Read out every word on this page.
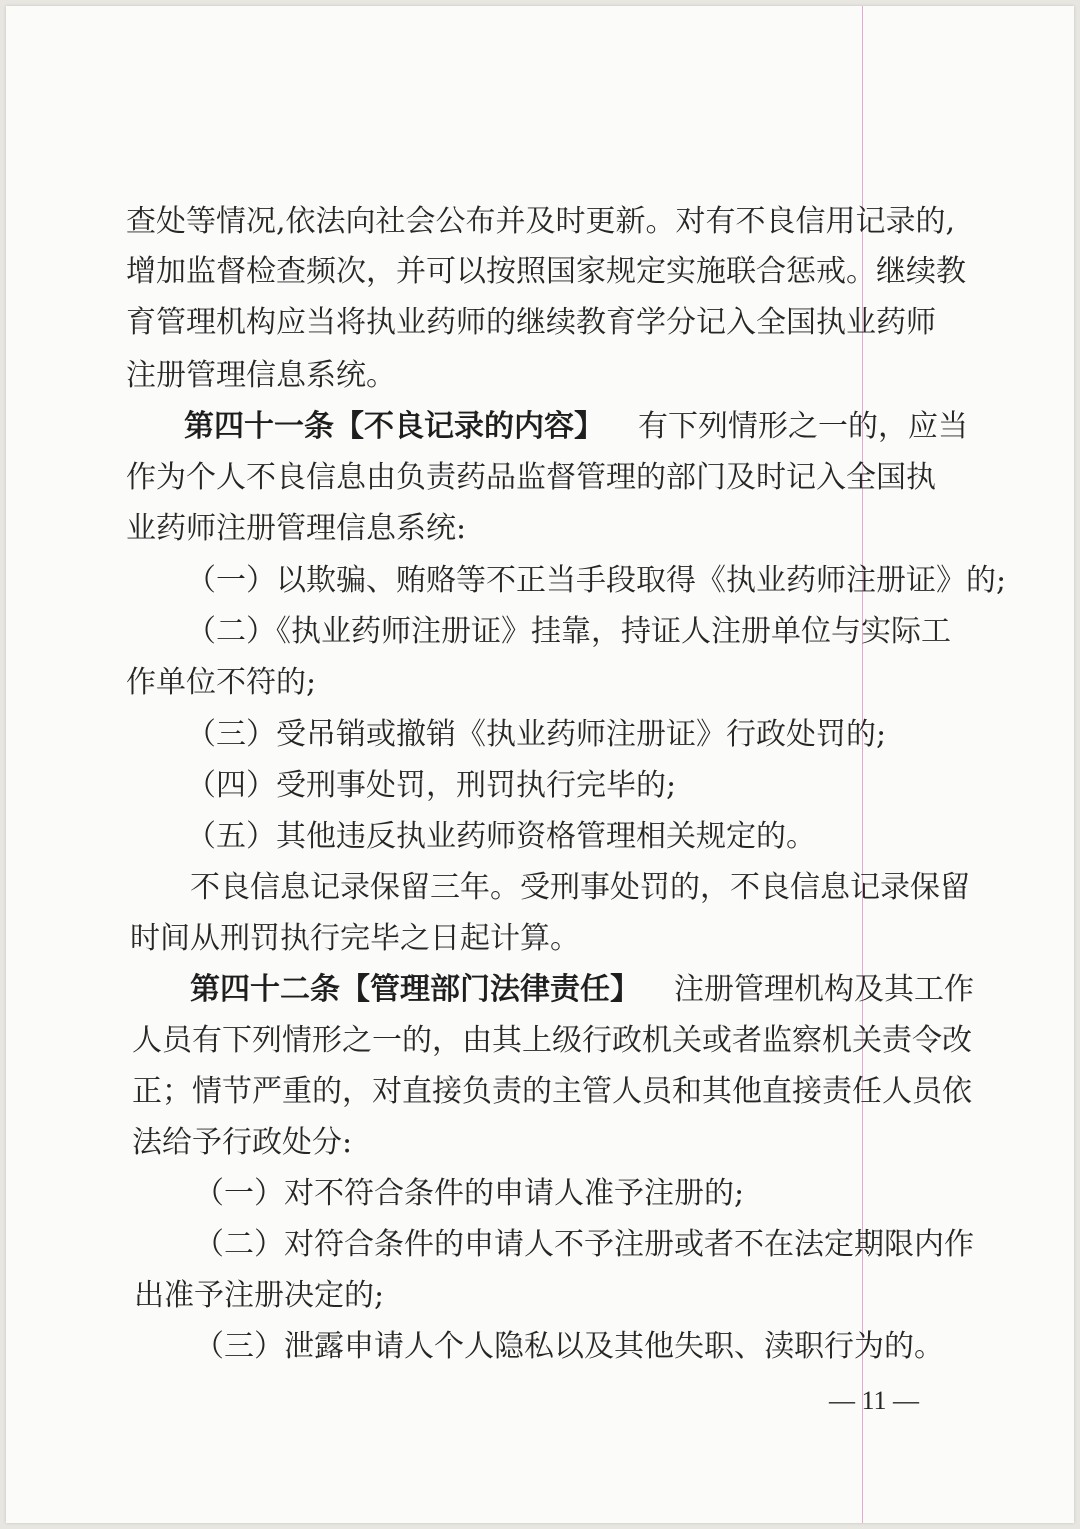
查处等情况,依法向社会公布并及时更新。对有不良信用记录的,
增加监督检查频次，并可以按照国家规定实施联合惩戒。继续教
育管理机构应当将执业药师的继续教育学分记入全国执业药师
注册管理信息系统。
第四十一条【不良记录的内容】 有下列情形之一的，应当
作为个人不良信息由负责药品监督管理的部门及时记入全国执
业药师注册管理信息系统:
（一）以欺骗、贿赂等不正当手段取得《执业药师注册证》的;
（二）《执业药师注册证》挂靠，持证人注册单位与实际工
作单位不符的;
（三）受吊销或撤销《执业药师注册证》行政处罚的;
（四）受刑事处罚，刑罚执行完毕的;
（五）其他违反执业药师资格管理相关规定的。
不良信息记录保留三年。受刑事处罚的，不良信息记录保留
时间从刑罚执行完毕之日起计算。
第四十二条【管理部门法律责任】 注册管理机构及其工作
人员有下列情形之一的，由其上级行政机关或者监察机关责令改
正；情节严重的，对直接负责的主管人员和其他直接责任人员依
法给予行政处分:
（一）对不符合条件的申请人准予注册的;
（二）对符合条件的申请人不予注册或者不在法定期限内作
出准予注册决定的;
（三）泄露申请人个人隐私以及其他失职、渎职行为的。
— 11 —
